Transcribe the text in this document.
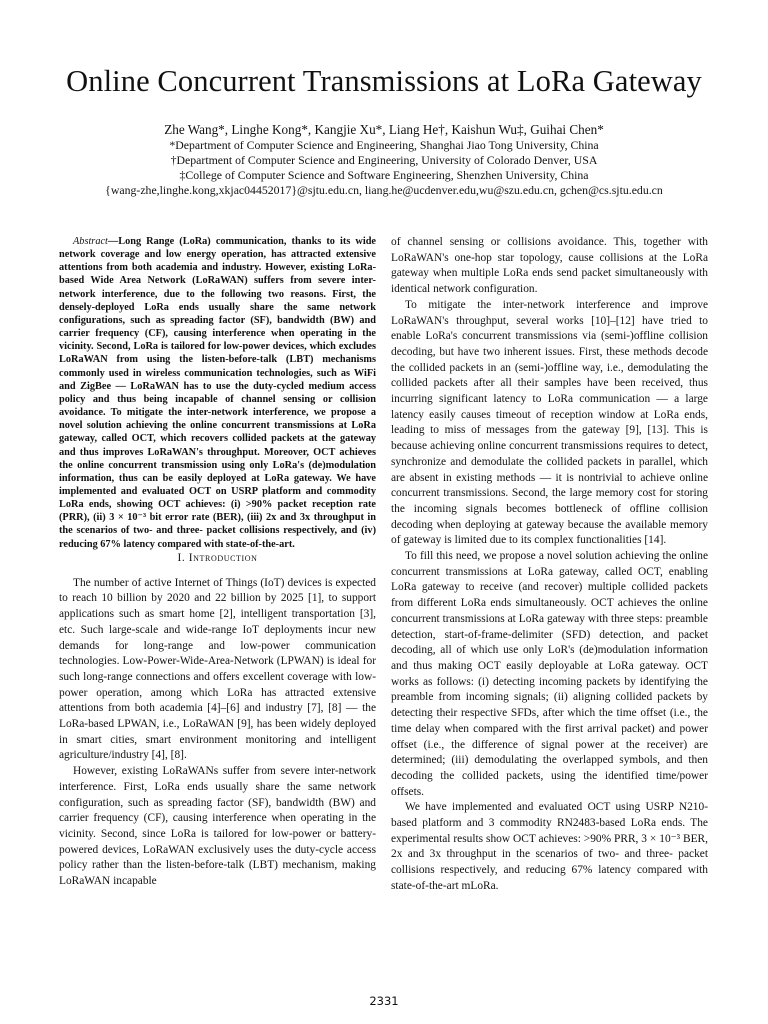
Online Concurrent Transmissions at LoRa Gateway
Zhe Wang*, Linghe Kong*, Kangjie Xu*, Liang He†, Kaishun Wu‡, Guihai Chen*
*Department of Computer Science and Engineering, Shanghai Jiao Tong University, China
†Department of Computer Science and Engineering, University of Colorado Denver, USA
‡College of Computer Science and Software Engineering, Shenzhen University, China
{wang-zhe,linghe.kong,xkjac04452017}@sjtu.edu.cn, liang.he@ucdenver.edu,wu@szu.edu.cn, gchen@cs.sjtu.edu.cn

Abstract—Long Range (LoRa) communication, thanks to its wide network coverage and low energy operation, has attracted extensive attentions from both academia and industry. However, existing LoRa-based Wide Area Network (LoRaWAN) suffers from severe inter-network interference, due to the following two reasons. First, the densely-deployed LoRa ends usually share the same network configurations, such as spreading factor (SF), bandwidth (BW) and carrier frequency (CF), causing interference when operating in the vicinity. Second, LoRa is tailored for low-power devices, which excludes LoRaWAN from using the listen-before-talk (LBT) mechanisms commonly used in wireless communication technologies, such as WiFi and ZigBee — LoRaWAN has to use the duty-cycled medium access policy and thus being incapable of channel sensing or collision avoidance. To mitigate the inter-network interference, we propose a novel solution achieving the online concurrent transmissions at LoRa gateway, called OCT, which recovers collided packets at the gateway and thus improves LoRaWAN's throughput. Moreover, OCT achieves the online concurrent transmission using only LoRa's (de)modulation information, thus can be easily deployed at LoRa gateway. We have implemented and evaluated OCT on USRP platform and commodity LoRa ends, showing OCT achieves: (i) >90% packet reception rate (PRR), (ii) 3 × 10⁻³ bit error rate (BER), (iii) 2x and 3x throughput in the scenarios of two- and three- packet collisions respectively, and (iv) reducing 67% latency compared with state-of-the-art.

I. Introduction

The number of active Internet of Things (IoT) devices is expected to reach 10 billion by 2020 and 22 billion by 2025 [1], to support applications such as smart home [2], intelligent transportation [3], etc. Such large-scale and wide-range IoT deployments incur new demands for long-range and low-power communication technologies. Low-Power-Wide-Area-Network (LPWAN) is ideal for such long-range connections and offers excellent coverage with low-power operation, among which LoRa has attracted extensive attentions from both academia [4]–[6] and industry [7], [8] — the LoRa-based LPWAN, i.e., LoRaWAN [9], has been widely deployed in smart cities, smart environment monitoring and intelligent agriculture/industry [4], [8].

However, existing LoRaWANs suffer from severe inter-network interference. First, LoRa ends usually share the same network configuration, such as spreading factor (SF), bandwidth (BW) and carrier frequency (CF), causing interference when operating in the vicinity. Second, since LoRa is tailored for low-power or battery-powered devices, LoRaWAN exclusively uses the duty-cycle access policy rather than the listen-before-talk (LBT) mechanism, making LoRaWAN incapable

of channel sensing or collisions avoidance. This, together with LoRaWAN's one-hop star topology, cause collisions at the LoRa gateway when multiple LoRa ends send packet simultaneously with identical network configuration.

To mitigate the inter-network interference and improve LoRaWAN's throughput, several works [10]–[12] have tried to enable LoRa's concurrent transmissions via (semi-)offline collision decoding, but have two inherent issues. First, these methods decode the collided packets in an (semi-)offline way, i.e., demodulating the collided packets after all their samples have been received, thus incurring significant latency to LoRa communication — a large latency easily causes timeout of reception window at LoRa ends, leading to miss of messages from the gateway [9], [13]. This is because achieving online concurrent transmissions requires to detect, synchronize and demodulate the collided packets in parallel, which are absent in existing methods — it is nontrivial to achieve online concurrent transmissions. Second, the large memory cost for storing the incoming signals becomes bottleneck of offline collision decoding when deploying at gateway because the available memory of gateway is limited due to its complex functionalities [14].

To fill this need, we propose a novel solution achieving the online concurrent transmissions at LoRa gateway, called OCT, enabling LoRa gateway to receive (and recover) multiple collided packets from different LoRa ends simultaneously. OCT achieves the online concurrent transmissions at LoRa gateway with three steps: preamble detection, start-of-frame-delimiter (SFD) detection, and packet decoding, all of which use only LoR's (de)modulation information and thus making OCT easily deployable at LoRa gateway. OCT works as follows: (i) detecting incoming packets by identifying the preamble from incoming signals; (ii) aligning collided packets by detecting their respective SFDs, after which the time offset (i.e., the time delay when compared with the first arrival packet) and power offset (i.e., the difference of signal power at the receiver) are determined; (iii) demodulating the overlapped symbols, and then decoding the collided packets, using the identified time/power offsets.

We have implemented and evaluated OCT using USRP N210-based platform and 3 commodity RN2483-based LoRa ends. The experimental results show OCT achieves: >90% PRR, 3 × 10⁻³ BER, 2x and 3x throughput in the scenarios of two- and three- packet collisions respectively, and reducing 67% latency compared with state-of-the-art mLoRa.

2331
